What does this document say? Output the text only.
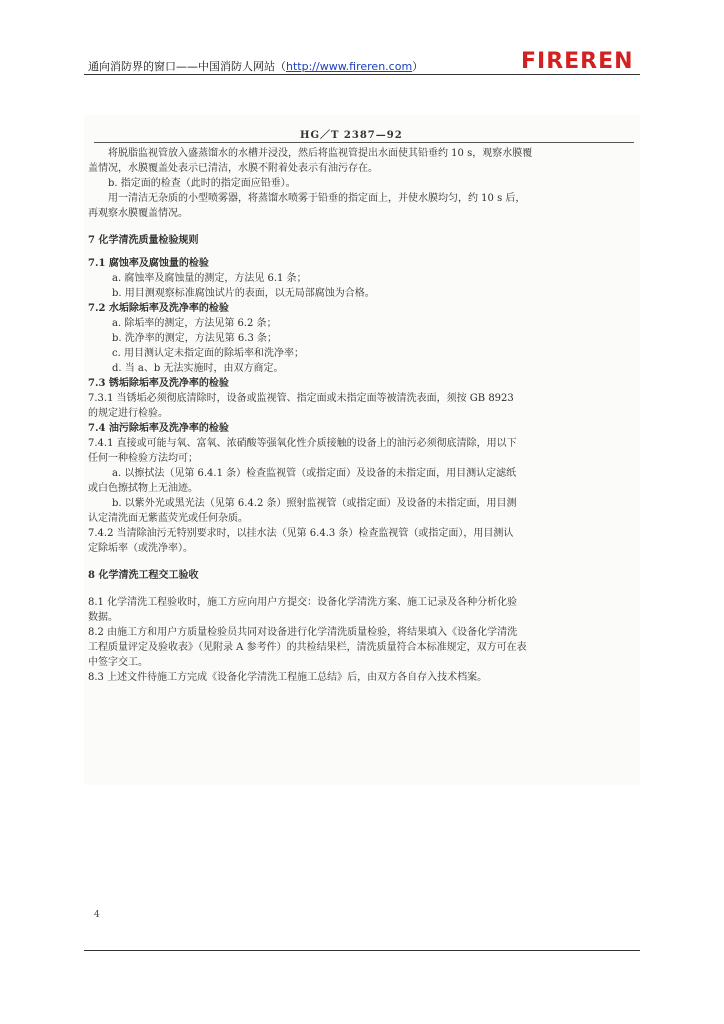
通向消防界的窗口——中国消防人网站（http://www.fireren.com）	FIREREN
HG／T 2387—92
将脱脂监视管放入盛蒸馏水的水槽并浸没，然后将监视管提出水面使其铅垂约 10 s，观察水膜覆
盖情况，水膜覆盖处表示已清洁，水膜不附着处表示有油污存在。
b. 指定面的检查（此时的指定面应铅垂）。
用一清洁无杂质的小型喷雾器，将蒸馏水喷雾于铅垂的指定面上，并使水膜均匀，约 10 s 后，
再观察水膜覆盖情况。
7 化学清洗质量检验规则
7.1 腐蚀率及腐蚀量的检验
a. 腐蚀率及腐蚀量的测定，方法见 6.1 条；
b. 用目测观察标准腐蚀试片的表面，以无局部腐蚀为合格。
7.2 水垢除垢率及洗净率的检验
a. 除垢率的测定，方法见第 6.2 条；
b. 洗净率的测定，方法见第 6.3 条；
c. 用目测认定未指定面的除垢率和洗净率；
d. 当 a、b 无法实施时，由双方商定。
7.3 锈垢除垢率及洗净率的检验
7.3.1 当锈垢必须彻底清除时，设备或监视管、指定面或未指定面等被清洗表面，须按 GB 8923
的规定进行检验。
7.4 油污除垢率及洗净率的检验
7.4.1 直接或可能与氧、富氧、浓硝酸等强氧化性介质接触的设备上的油污必须彻底清除，用以下
任何一种检验方法均可；
a. 以擦拭法（见第 6.4.1 条）检查监视管（或指定面）及设备的未指定面，用目测认定滤纸
或白色擦拭物上无油迹。
b. 以紫外光或黑光法（见第 6.4.2 条）照射监视管（或指定面）及设备的未指定面，用目测
认定清洗面无紫蓝荧光或任何杂质。
7.4.2 当清除油污无特别要求时，以挂水法（见第 6.4.3 条）检查监视管（或指定面），用目测认
定除垢率（或洗净率）。
8 化学清洗工程交工验收
8.1 化学清洗工程验收时，施工方应向用户方提交：设备化学清洗方案、施工记录及各种分析化验
数据。
8.2 由施工方和用户方质量检验员共同对设备进行化学清洗质量检验，将结果填入《设备化学清洗
工程质量评定及验收表》（见附录 A 参考件）的共检结果栏，清洗质量符合本标准规定，双方可在表
中签字交工。
8.3 上述文件待施工方完成《设备化学清洗工程施工总结》后，由双方各自存入技术档案。
4
